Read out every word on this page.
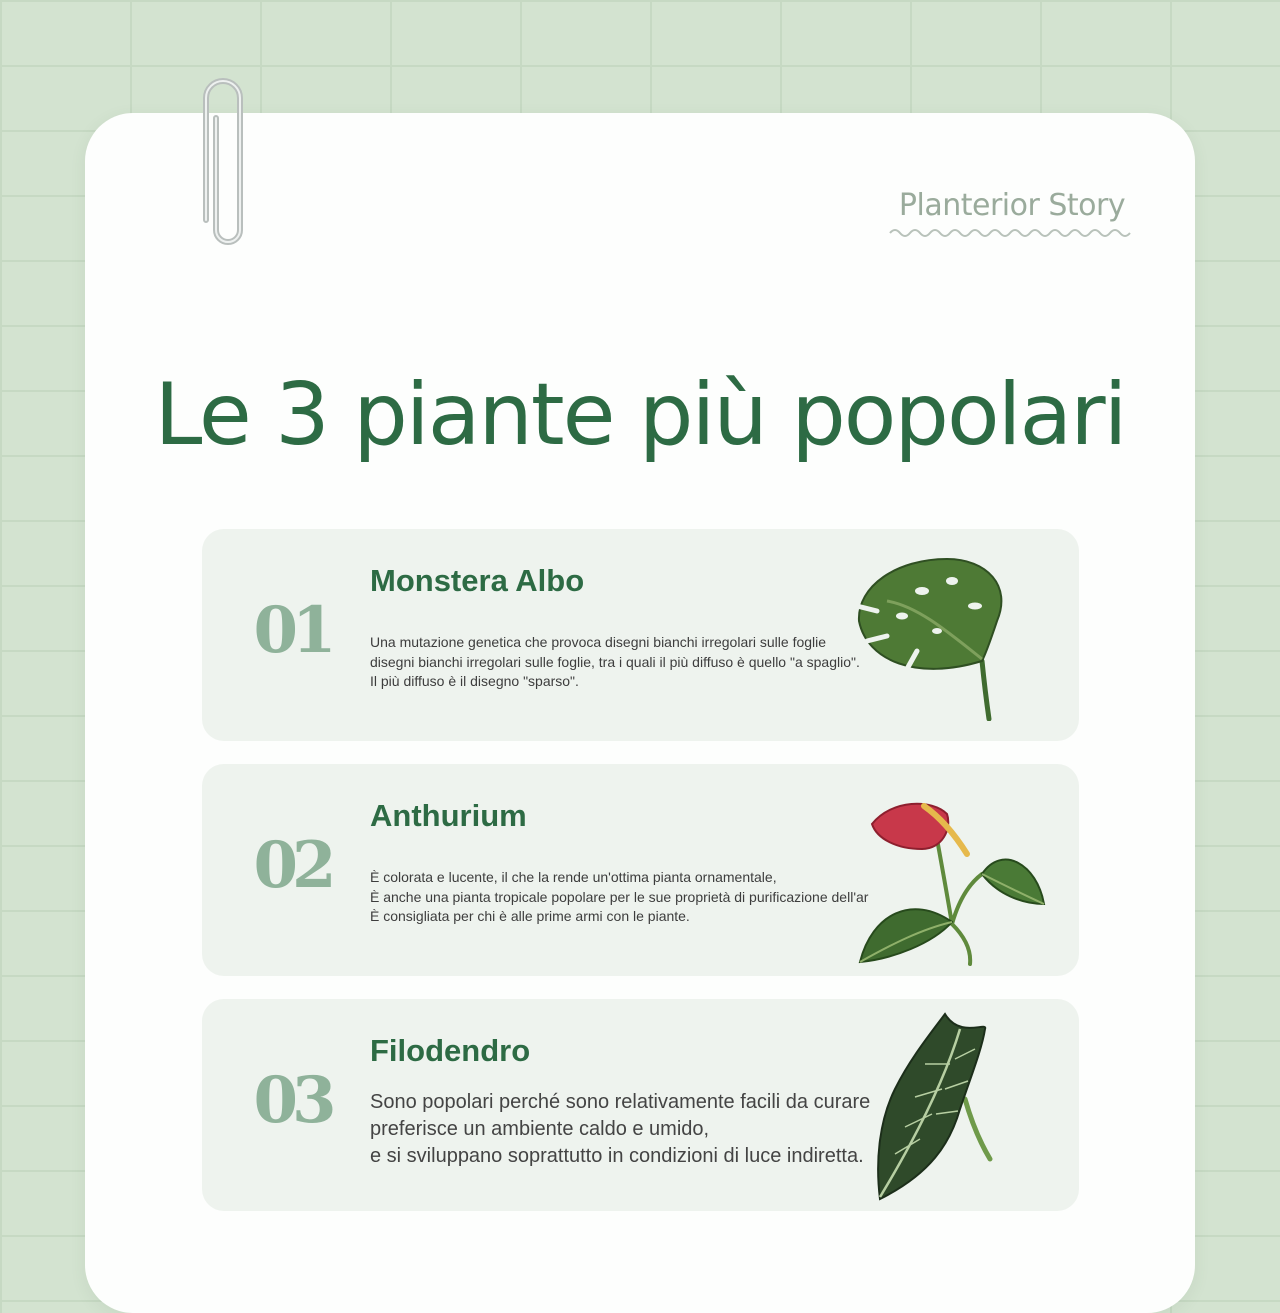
Planterior Story
Le 3 piante più popolari
01
Monstera Albo
Una mutazione genetica che provoca disegni bianchi irregolari sulle foglie
disegni bianchi irregolari sulle foglie, tra i quali il più diffuso è quello "a spaglio".
Il più diffuso è il disegno "sparso".
02
Anthurium
È colorata e lucente, il che la rende un'ottima pianta ornamentale,
È anche una pianta tropicale popolare per le sue proprietà di purificazione dell'ar
È consigliata per chi è alle prime armi con le piante.
03
Filodendro
Sono popolari perché sono relativamente facili da curare
preferisce un ambiente caldo e umido,
e si sviluppano soprattutto in condizioni di luce indiretta.
